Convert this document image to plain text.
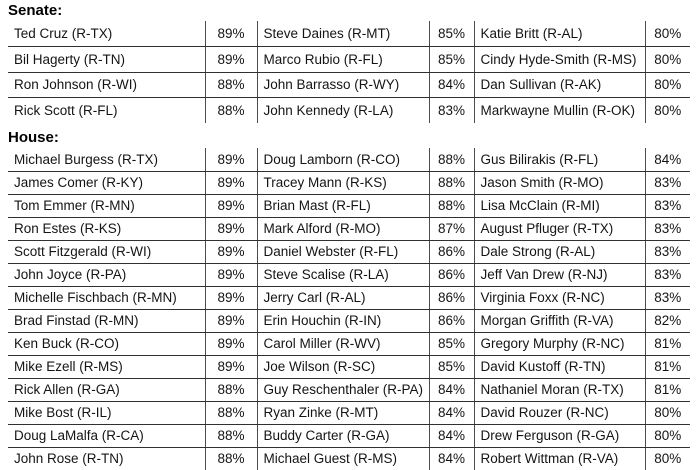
Senate:
Ted Cruz (R-TX)	89%	Steve Daines (R-MT)	85%	Katie Britt (R-AL)	80%
Bil Hagerty (R-TN)	89%	Marco Rubio (R-FL)	85%	Cindy Hyde-Smith (R-MS)	80%
Ron Johnson (R-WI)	88%	John Barrasso (R-WY)	84%	Dan Sullivan (R-AK)	80%
Rick Scott (R-FL)	88%	John Kennedy (R-LA)	83%	Markwayne Mullin (R-OK)	80%
House:
Michael Burgess (R-TX)	89%	Doug Lamborn (R-CO)	88%	Gus Bilirakis (R-FL)	84%
James Comer (R-KY)	89%	Tracey Mann (R-KS)	88%	Jason Smith (R-MO)	83%
Tom Emmer (R-MN)	89%	Brian Mast (R-FL)	88%	Lisa McClain (R-MI)	83%
Ron Estes (R-KS)	89%	Mark Alford (R-MO)	87%	August Pfluger (R-TX)	83%
Scott Fitzgerald (R-WI)	89%	Daniel Webster (R-FL)	86%	Dale Strong (R-AL)	83%
John Joyce (R-PA)	89%	Steve Scalise (R-LA)	86%	Jeff Van Drew (R-NJ)	83%
Michelle Fischbach (R-MN)	89%	Jerry Carl (R-AL)	86%	Virginia Foxx (R-NC)	83%
Brad Finstad (R-MN)	89%	Erin Houchin (R-IN)	86%	Morgan Griffith (R-VA)	82%
Ken Buck (R-CO)	89%	Carol Miller (R-WV)	85%	Gregory Murphy (R-NC)	81%
Mike Ezell (R-MS)	89%	Joe Wilson (R-SC)	85%	David Kustoff (R-TN)	81%
Rick Allen (R-GA)	88%	Guy Reschenthaler (R-PA)	84%	Nathaniel Moran (R-TX)	81%
Mike Bost (R-IL)	88%	Ryan Zinke (R-MT)	84%	David Rouzer (R-NC)	80%
Doug LaMalfa (R-CA)	88%	Buddy Carter (R-GA)	84%	Drew Ferguson (R-GA)	80%
John Rose (R-TN)	88%	Michael Guest (R-MS)	84%	Robert Wittman (R-VA)	80%
